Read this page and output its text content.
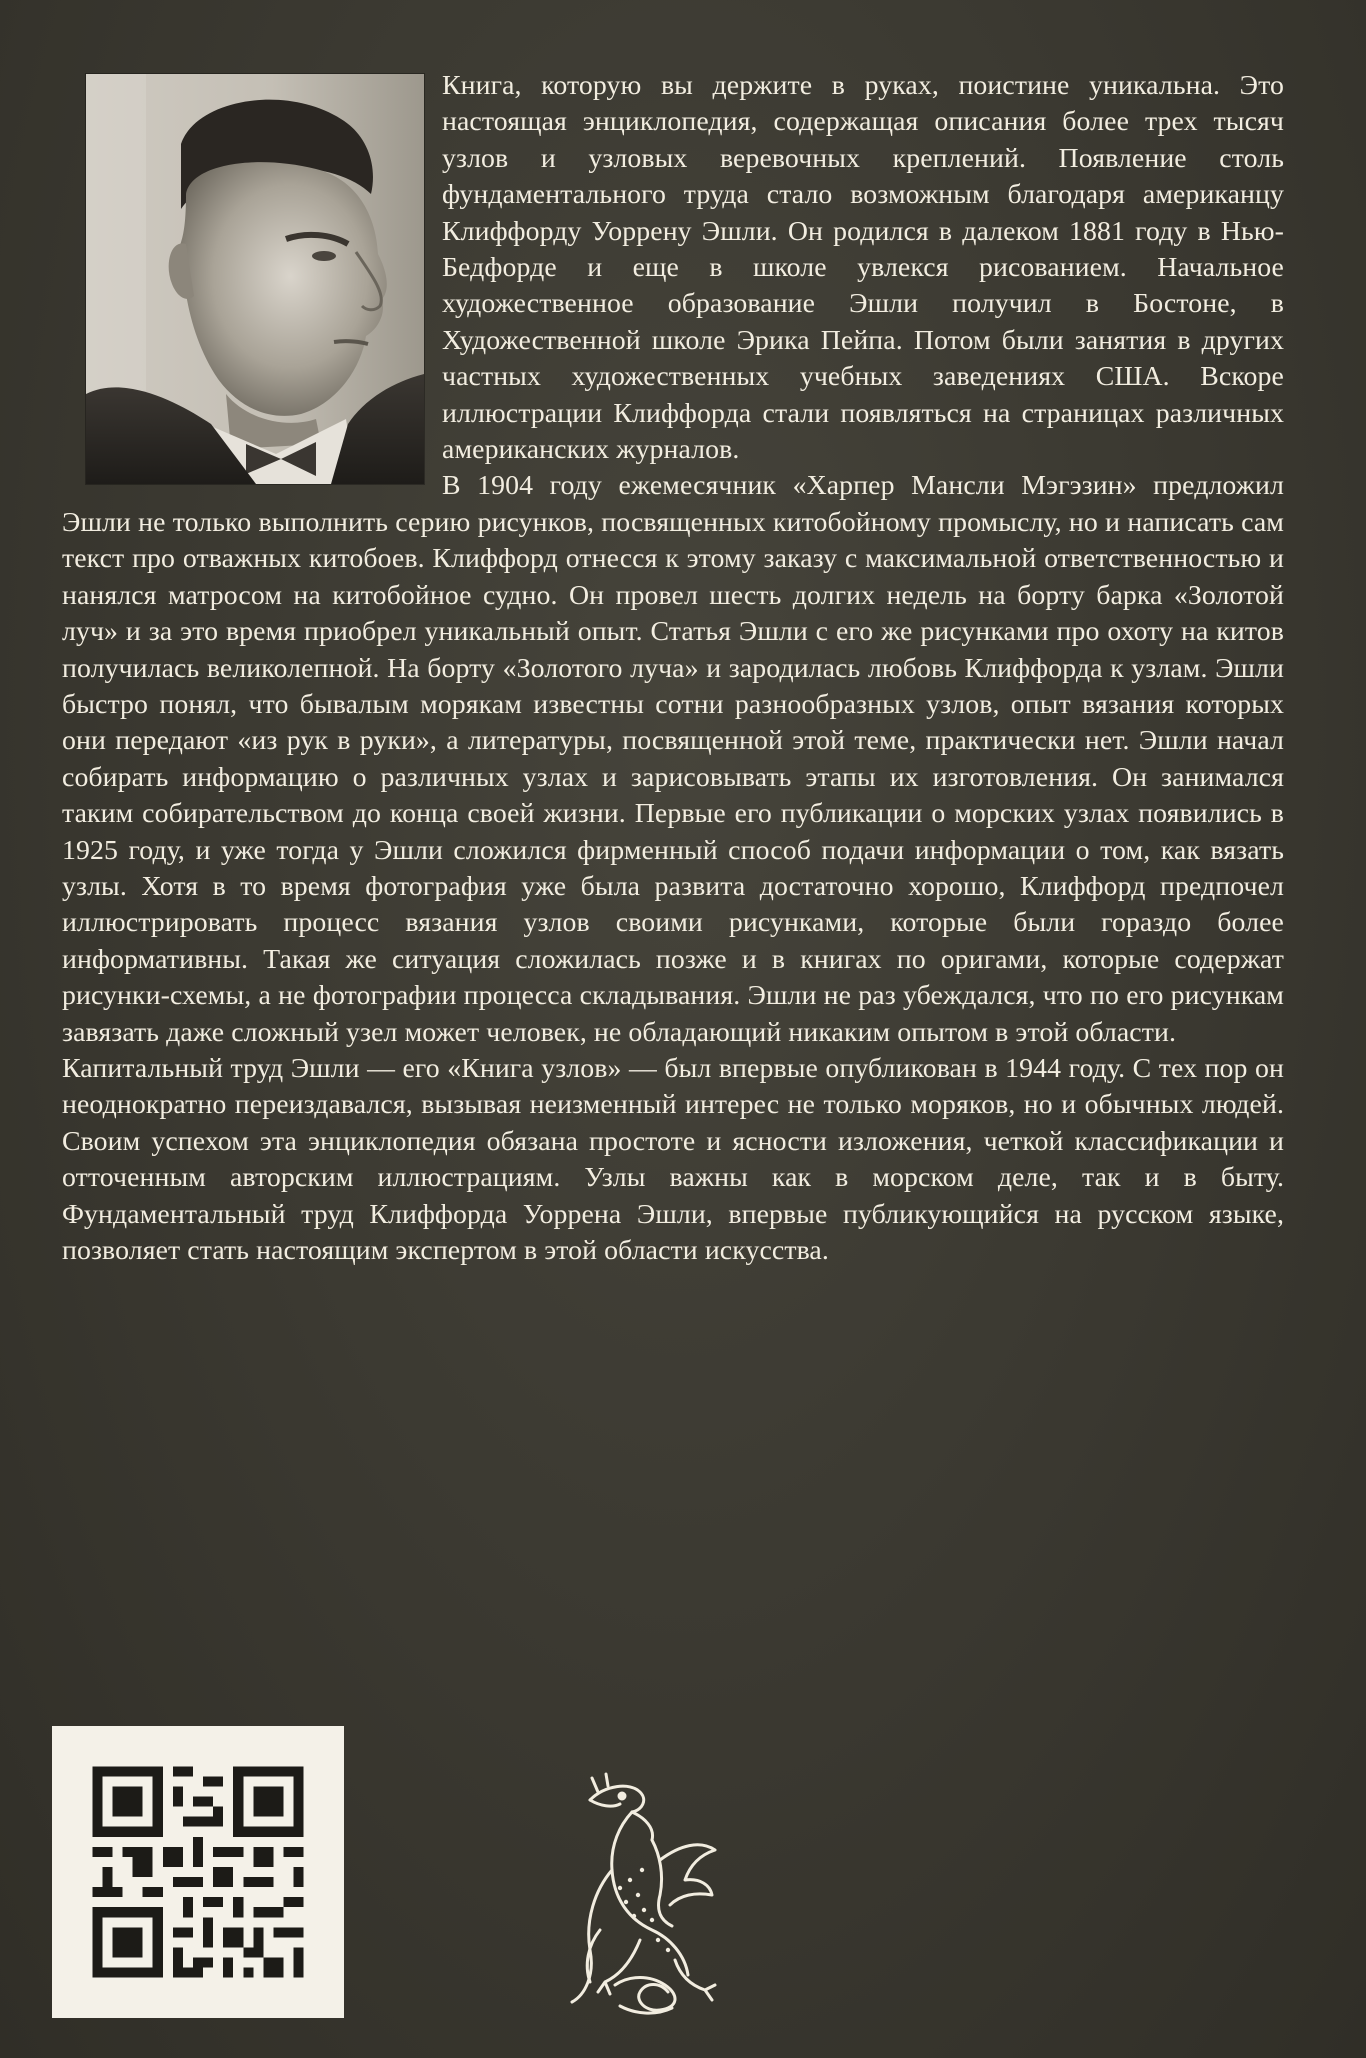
Книга, которую вы держите в руках, поистине уникальна. Это настоящая энциклопедия, содержащая описания более трех тысяч узлов и узловых веревочных креплений. Появление столь фундаментального труда стало возможным благодаря американцу Клиффорду Уоррену Эшли. Он родился в далеком 1881 году в Нью-Бедфорде и еще в школе увлекся рисованием. Начальное художественное образование Эшли получил в Бостоне, в Художественной школе Эрика Пейпа. Потом были занятия в других частных художественных учебных заведениях США. Вскоре иллюстрации Клиффорда стали появляться на страницах различных американских журналов.

В 1904 году ежемесячник «Харпер Мансли Мэгэзин» предложил Эшли не только выполнить серию рисунков, посвященных китобойному промыслу, но и написать сам текст про отважных китобоев. Клиффорд отнесся к этому заказу с максимальной ответственностью и нанялся матросом на китобойное судно. Он провел шесть долгих недель на борту барка «Золотой луч» и за это время приобрел уникальный опыт. Статья Эшли с его же рисунками про охоту на китов получилась великолепной. На борту «Золотого луча» и зародилась любовь Клиффорда к узлам. Эшли быстро понял, что бывалым морякам известны сотни разнообразных узлов, опыт вязания которых они передают «из рук в руки», а литературы, посвященной этой теме, практически нет. Эшли начал собирать информацию о различных узлах и зарисовывать этапы их изготовления. Он занимался таким собирательством до конца своей жизни. Первые его публикации о морских узлах появились в 1925 году, и уже тогда у Эшли сложился фирменный способ подачи информации о том, как вязать узлы. Хотя в то время фотография уже была развита достаточно хорошо, Клиффорд предпочел иллюстрировать процесс вязания узлов своими рисунками, которые были гораздо более информативны. Такая же ситуация сложилась позже и в книгах по оригами, которые содержат рисунки-схемы, а не фотографии процесса складывания. Эшли не раз убеждался, что по его рисункам завязать даже сложный узел может человек, не обладающий никаким опытом в этой области.

Капитальный труд Эшли — его «Книга узлов» — был впервые опубликован в 1944 году. С тех пор он неоднократно переиздавался, вызывая неизменный интерес не только моряков, но и обычных людей. Своим успехом эта энциклопедия обязана простоте и ясности изложения, четкой классификации и отточенным авторским иллюстрациям. Узлы важны как в морском деле, так и в быту. Фундаментальный труд Клиффорда Уоррена Эшли, впервые публикующийся на русском языке, позволяет стать настоящим экспертом в этой области искусства.
